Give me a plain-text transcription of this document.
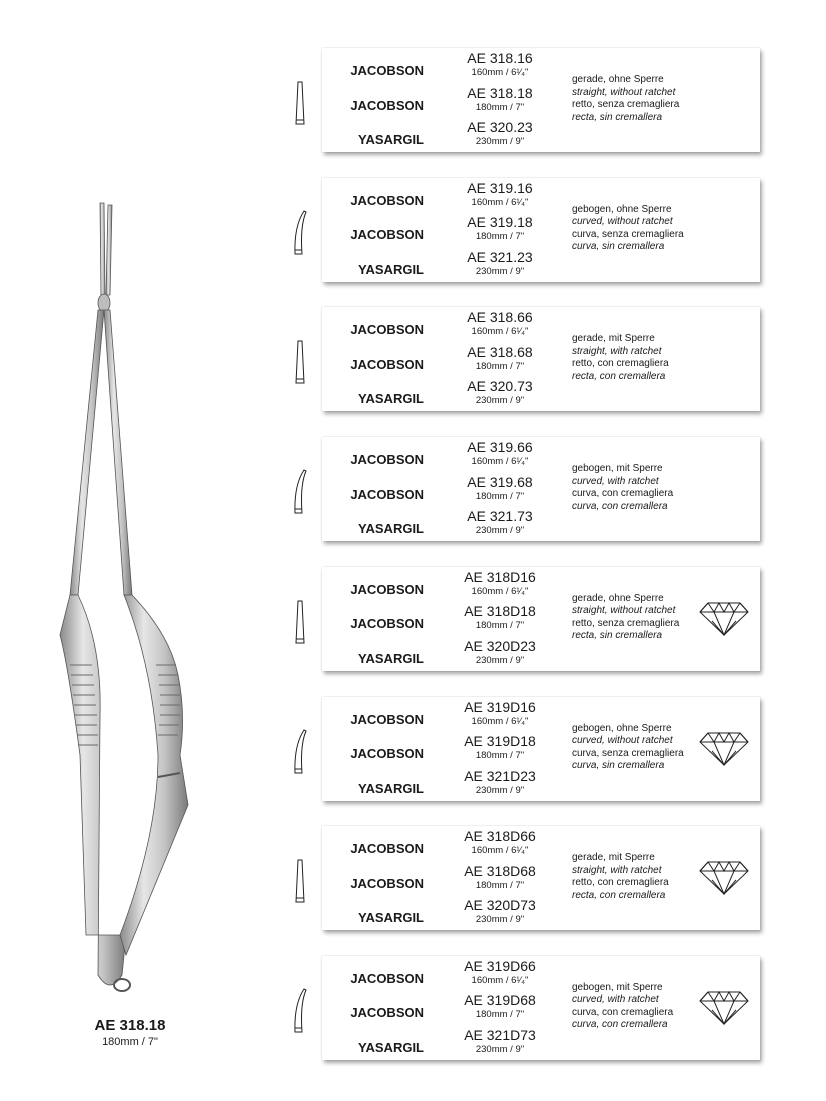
AE 318.18
180mm / 7"
JACOBSON
JACOBSON
YASARGIL
AE 318.16
160mm / 6¹⁄₄"
AE 318.18
180mm / 7"
AE 320.23
230mm / 9"
gerade, ohne Sperre
straight, without ratchet
retto, senza cremagliera
recta, sin cremallera
JACOBSON
JACOBSON
YASARGIL
AE 319.16
160mm / 6¹⁄₄"
AE 319.18
180mm / 7"
AE 321.23
230mm / 9"
gebogen, ohne Sperre
curved, without ratchet
curva, senza cremagliera
curva, sin cremallera
JACOBSON
JACOBSON
YASARGIL
AE 318.66
160mm / 6¹⁄₄"
AE 318.68
180mm / 7"
AE 320.73
230mm / 9"
gerade, mit Sperre
straight, with ratchet
retto, con cremagliera
recta, con cremallera
JACOBSON
JACOBSON
YASARGIL
AE 319.66
160mm / 6¹⁄₄"
AE 319.68
180mm / 7"
AE 321.73
230mm / 9"
gebogen, mit Sperre
curved, with ratchet
curva, con cremagliera
curva, con cremallera
JACOBSON
JACOBSON
YASARGIL
AE 318D16
160mm / 6¹⁄₄"
AE 318D18
180mm / 7"
AE 320D23
230mm / 9"
gerade, ohne Sperre
straight, without ratchet
retto, senza cremagliera
recta, sin cremallera
JACOBSON
JACOBSON
YASARGIL
AE 319D16
160mm / 6¹⁄₄"
AE 319D18
180mm / 7"
AE 321D23
230mm / 9"
gebogen, ohne Sperre
curved, without ratchet
curva, senza cremagliera
curva, sin cremallera
JACOBSON
JACOBSON
YASARGIL
AE 318D66
160mm / 6¹⁄₄"
AE 318D68
180mm / 7"
AE 320D73
230mm / 9"
gerade, mit Sperre
straight, with ratchet
retto, con cremagliera
recta, con cremallera
JACOBSON
JACOBSON
YASARGIL
AE 319D66
160mm / 6¹⁄₄"
AE 319D68
180mm / 7"
AE 321D73
230mm / 9"
gebogen, mit Sperre
curved, with ratchet
curva, con cremagliera
curva, con cremallera
